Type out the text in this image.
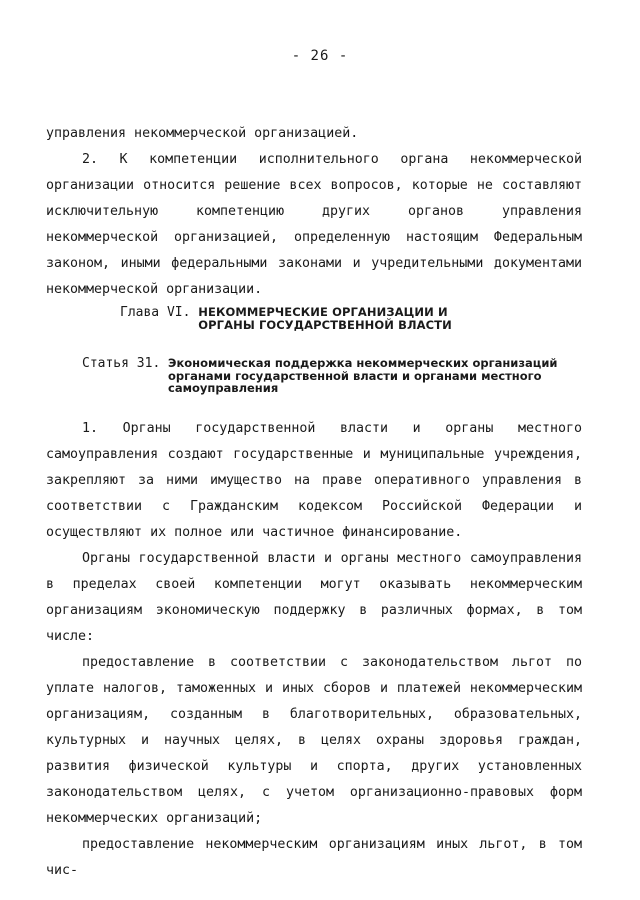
- 26 -

управления некоммерческой организацией.

2. К компетенции исполнительного органа некоммерческой организации относится решение всех вопросов, которые не составляют исключительную компетенцию других органов управления некоммерческой организацией, определенную настоящим Федеральным законом, иными федеральными законами и учредительными документами некоммерческой организации.

Глава VI.
НЕКОММЕРЧЕСКИЕ ОРГАНИЗАЦИИ И
ОРГАНЫ ГОСУДАРСТВЕННОЙ ВЛАСТИ
Статья 31. Экономическая поддержка некоммерческих организаций органами государственной власти и органами местного самоуправления

1. Органы государственной власти и органы местного самоуправления создают государственные и муниципальные учреждения, закрепляют за ними имущество на праве оперативного управления в соответствии с Гражданским кодексом Российской Федерации и осуществляют их полное или частичное финансирование.

Органы государственной власти и органы местного самоуправления в пределах своей компетенции могут оказывать некоммерческим организациям экономическую поддержку в различных формах, в том числе:

предоставление в соответствии с законодательством льгот по уплате налогов, таможенных и иных сборов и платежей некоммерческим организациям, созданным в благотворительных, образовательных, культурных и научных целях, в целях охраны здоровья граждан, развития физической культуры и спорта, других установленных законодательством целях, с учетом организационно-правовых форм некоммерческих организаций;

предоставление некоммерческим организациям иных льгот, в том чис-
